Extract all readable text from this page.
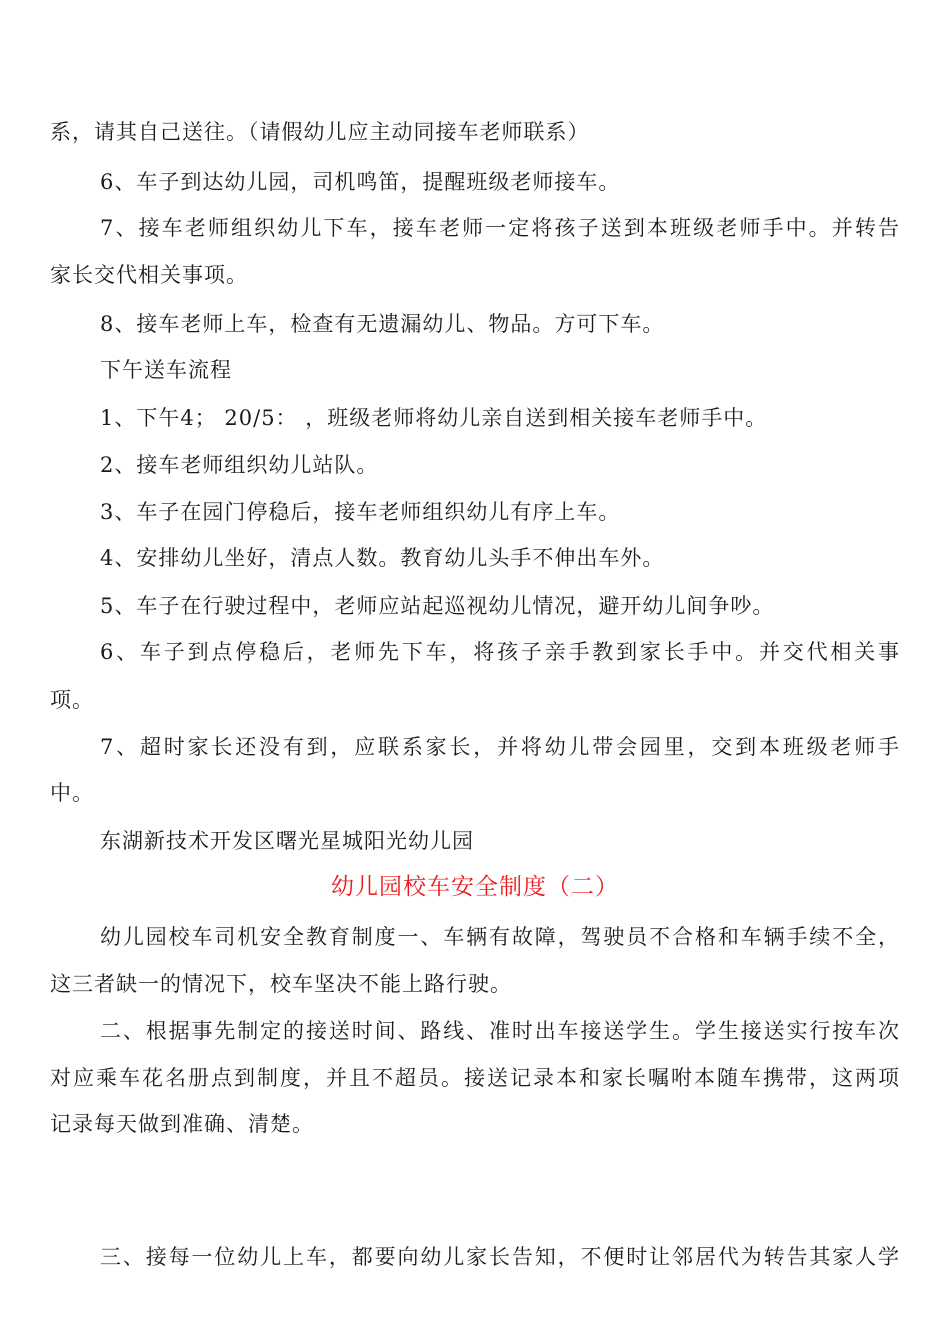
系，请其自己送往。（请假幼儿应主动同接车老师联系）
6、车子到达幼儿园，司机鸣笛，提醒班级老师接车。
7、接车老师组织幼儿下车，接车老师一定将孩子送到本班级老师手中。并转告
家长交代相关事项。
8、接车老师上车，检查有无遗漏幼儿、物品。方可下车。
下午送车流程
1、下午4； 20/5： ，班级老师将幼儿亲自送到相关接车老师手中。
2、接车老师组织幼儿站队。
3、车子在园门停稳后，接车老师组织幼儿有序上车。
4、安排幼儿坐好，清点人数。教育幼儿头手不伸出车外。
5、车子在行驶过程中，老师应站起巡视幼儿情况，避开幼儿间争吵。
6、车子到点停稳后，老师先下车，将孩子亲手教到家长手中。并交代相关事
项。
7、超时家长还没有到，应联系家长，并将幼儿带会园里，交到本班级老师手
中。
东湖新技术开发区曙光星城阳光幼儿园
幼儿园校车安全制度（二）
幼儿园校车司机安全教育制度一、车辆有故障，驾驶员不合格和车辆手续不全，
这三者缺一的情况下，校车坚决不能上路行驶。
二、根据事先制定的接送时间、路线、准时出车接送学生。学生接送实行按车次
对应乘车花名册点到制度，并且不超员。接送记录本和家长嘱咐本随车携带，这两项
记录每天做到准确、清楚。
三、接每一位幼儿上车，都要向幼儿家长告知，不便时让邻居代为转告其家人学
